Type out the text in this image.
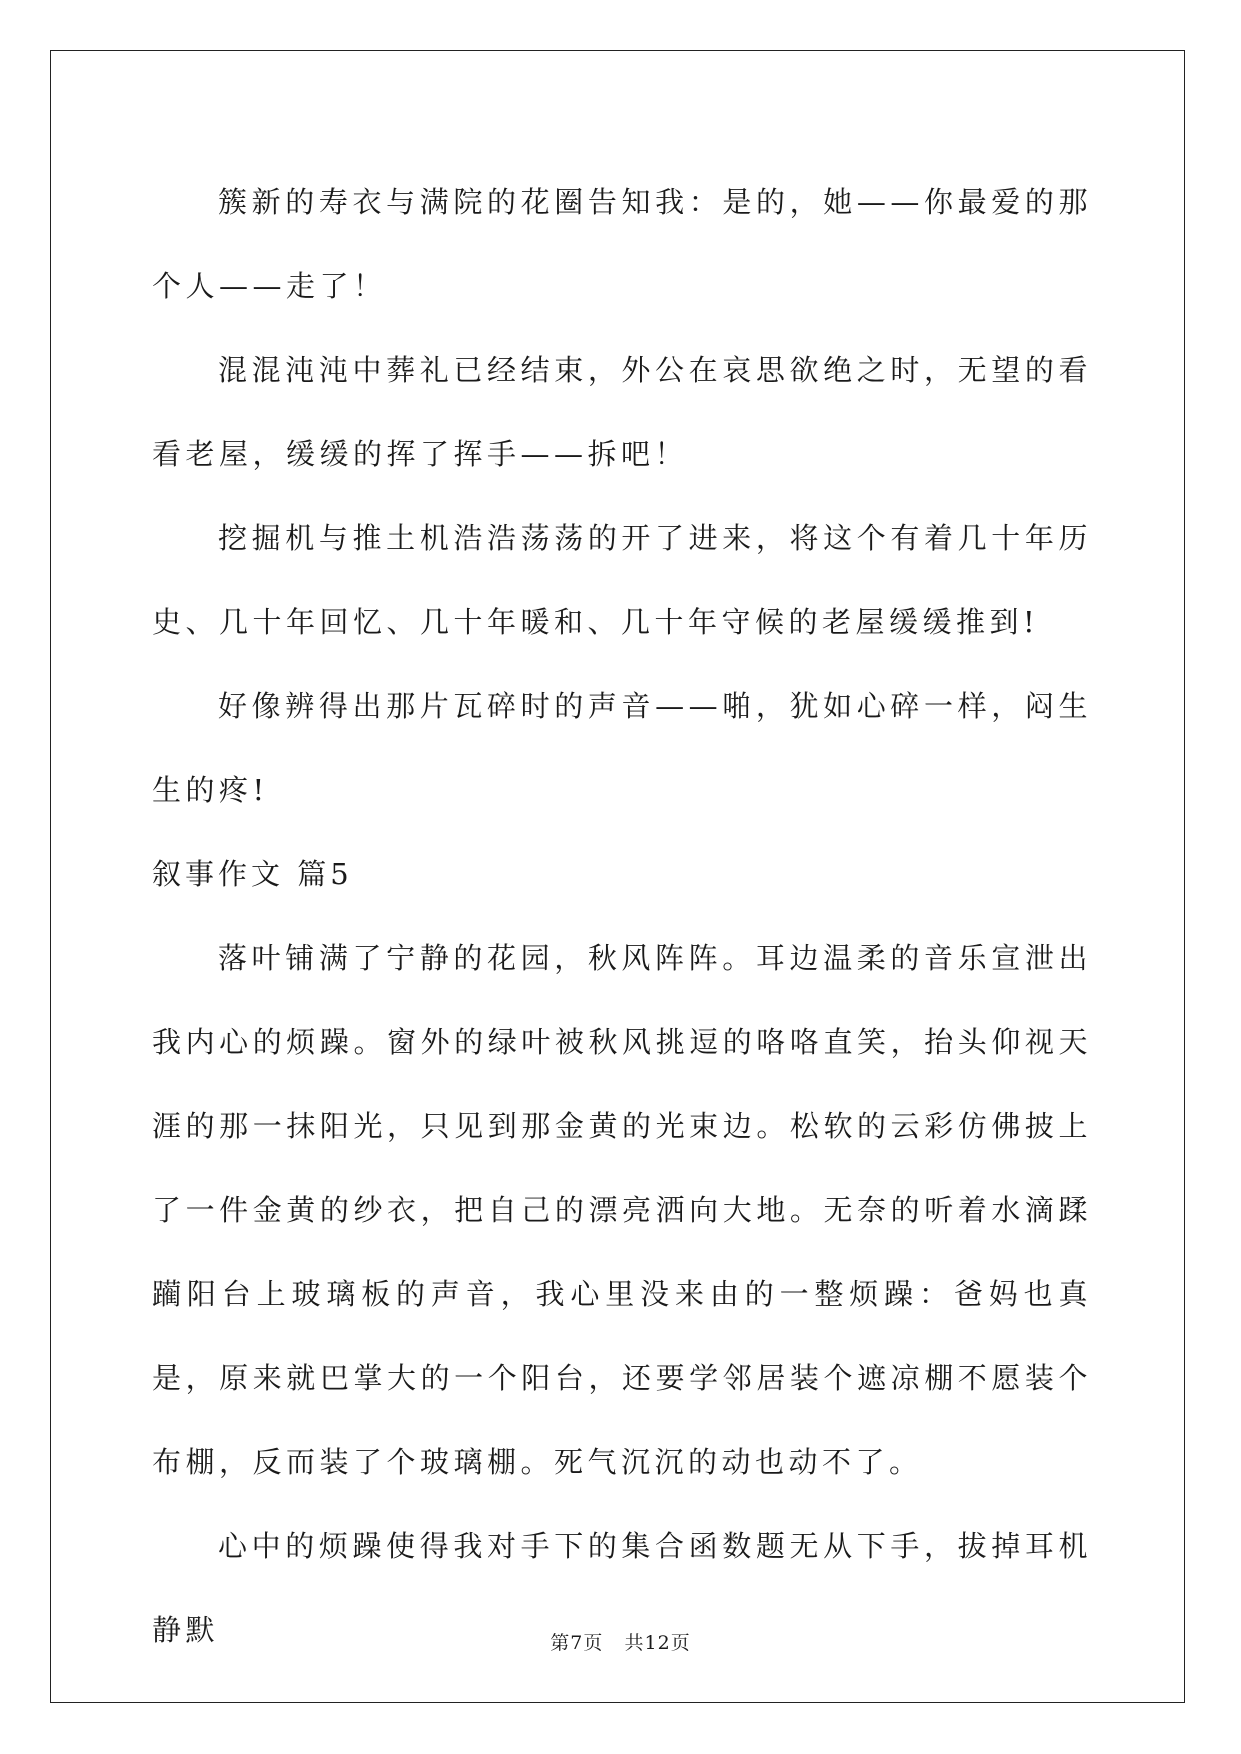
簇新的寿衣与满院的花圈告知我：是的，她——你最爱的那个人——走了！

混混沌沌中葬礼已经结束，外公在哀思欲绝之时，无望的看看老屋，缓缓的挥了挥手——拆吧！

挖掘机与推土机浩浩荡荡的开了进来，将这个有着几十年历史、几十年回忆、几十年暖和、几十年守候的老屋缓缓推到!

好像辨得出那片瓦碎时的声音——啪，犹如心碎一样，闷生生的疼!

叙事作文 篇5

落叶铺满了宁静的花园，秋风阵阵。耳边温柔的音乐宣泄出我内心的烦躁。窗外的绿叶被秋风挑逗的咯咯直笑，抬头仰视天涯的那一抹阳光，只见到那金黄的光束边。松软的云彩仿佛披上了一件金黄的纱衣，把自己的漂亮洒向大地。无奈的听着水滴蹂躏阳台上玻璃板的声音，我心里没来由的一整烦躁：爸妈也真是，原来就巴掌大的一个阳台，还要学邻居装个遮凉棚不愿装个布棚，反而装了个玻璃棚。死气沉沉的动也动不了。

心中的烦躁使得我对手下的集合函数题无从下手，拔掉耳机静默	第7页 共12页
